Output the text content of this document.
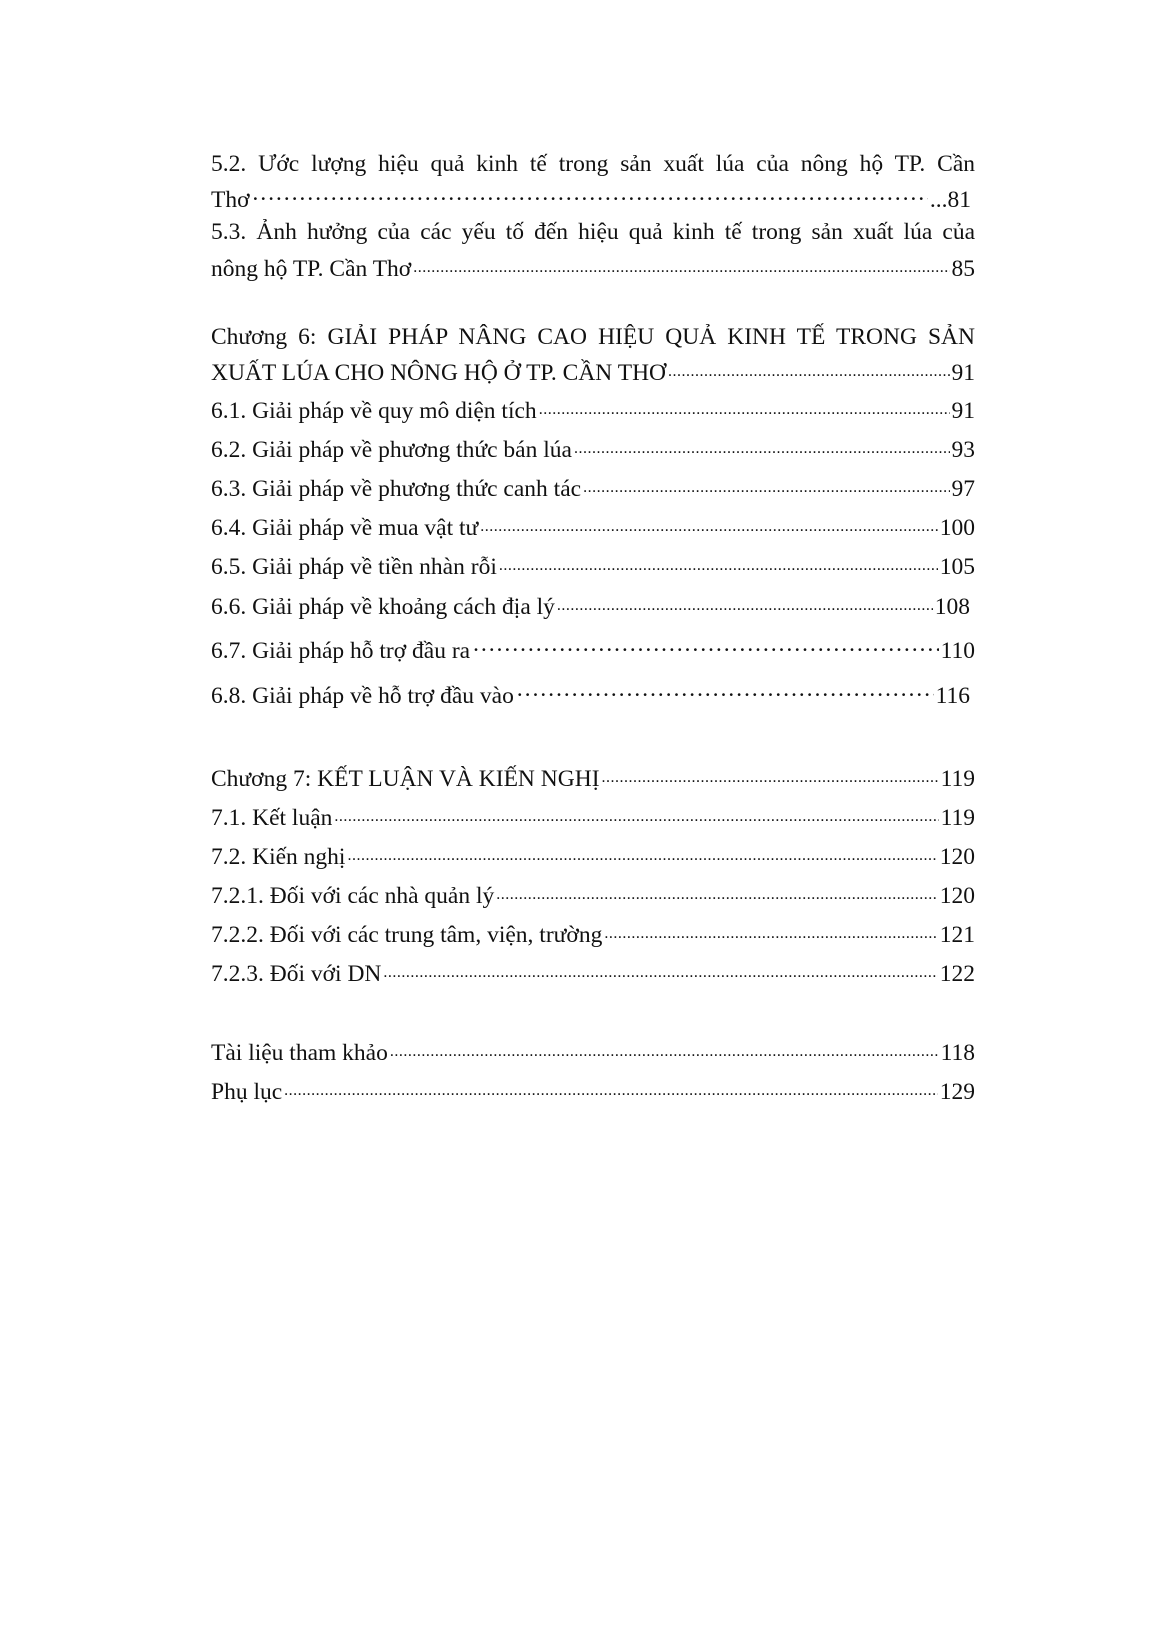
5.2. Ước lượng hiệu quả kinh tế trong sản xuất lúa của nông hộ TP. Cần
Thơ ………………………………………………………………………………………………………………………………………………………………………………………………………………………………	...81
5.3. Ảnh hưởng của các yếu tố đến hiệu quả kinh tế trong sản xuất lúa của
nông hộ TP. Cần Thơ .....	85
Chương 6: GIẢI PHÁP NÂNG CAO HIỆU QUẢ KINH TẾ TRONG SẢN
XUẤT LÚA CHO NÔNG HỘ Ở TP. CẦN THƠ .....	91
6.1. Giải pháp về quy mô diện tích .....	91
6.2. Giải pháp về phương thức bán lúa .....	93
6.3. Giải pháp về phương thức canh tác .....	97
6.4. Giải pháp về mua vật tư .....	100
6.5. Giải pháp về tiền nhàn rỗi .....	105
6.6. Giải pháp về khoảng cách địa lý .....	108
6.7. Giải pháp hỗ trợ đầu ra ………………………………………………………………………………………………………………………………………………………………………………………………………………………………	110
6.8. Giải pháp về hỗ trợ đầu vào ………………………………………………………………………………………………………………………………………………………………………………………………………………………………	116
Chương 7: KẾT LUẬN VÀ KIẾN NGHỊ .....	119
7.1. Kết luận .....	119
7.2. Kiến nghị .....	120
7.2.1. Đối với các nhà quản lý .....	120
7.2.2. Đối với các trung tâm, viện, trường .....	121
7.2.3. Đối với DN .....	122
Tài liệu tham khảo .....	118
Phụ lục .....	129
